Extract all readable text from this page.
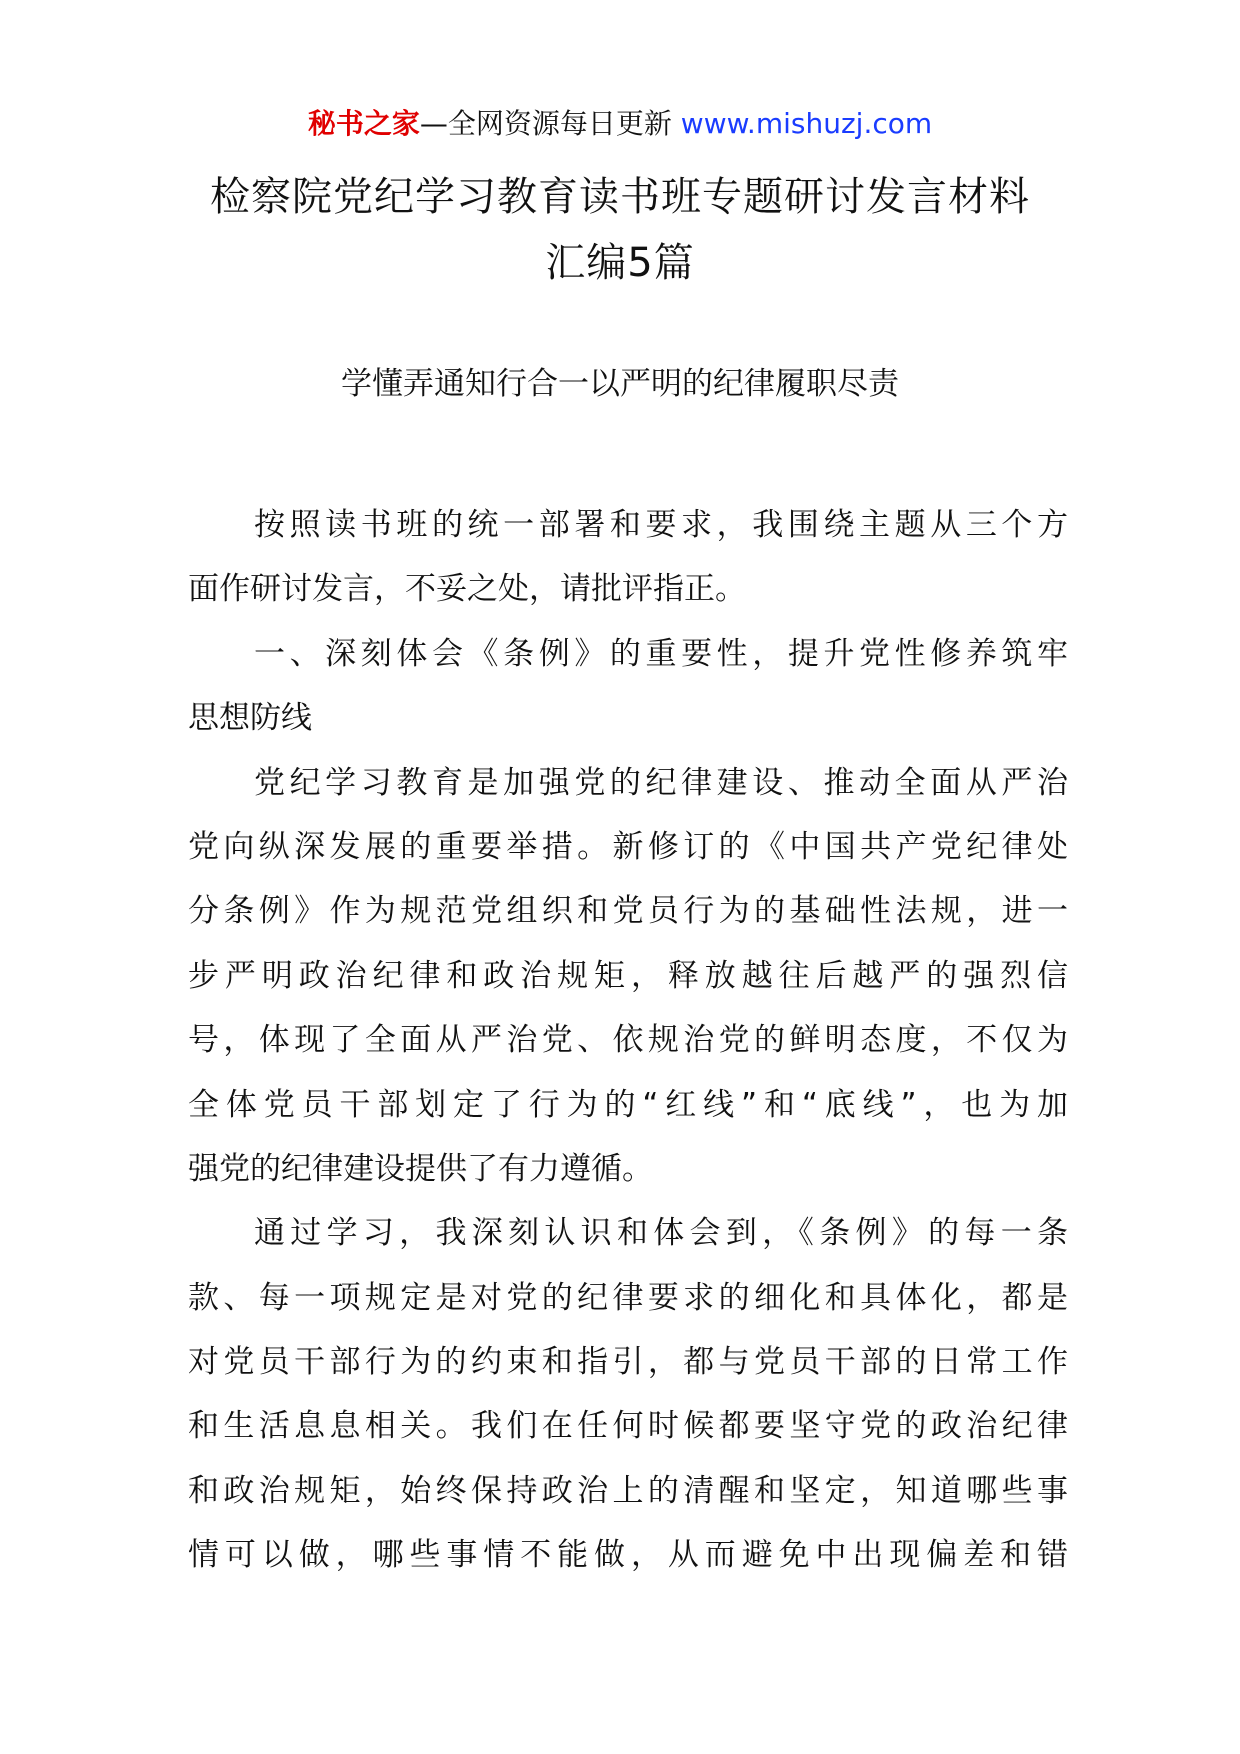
秘书之家—全网资源每日更新 www.mishuzj.com
检察院党纪学习教育读书班专题研讨发言材料
汇编5篇
学懂弄通知行合一以严明的纪律履职尽责
按照读书班的统一部署和要求，我围绕主题从三个方
面作研讨发言，不妥之处，请批评指正。
一、深刻体会《条例》的重要性，提升党性修养筑牢
思想防线
党纪学习教育是加强党的纪律建设、推动全面从严治
党向纵深发展的重要举措。新修订的《中国共产党纪律处
分条例》作为规范党组织和党员行为的基础性法规，进一
步严明政治纪律和政治规矩，释放越往后越严的强烈信
号，体现了全面从严治党、依规治党的鲜明态度，不仅为
全体党员干部划定了行为的“红线”和“底线”，也为加
强党的纪律建设提供了有力遵循。
通过学习，我深刻认识和体会到，《条例》的每一条
款、每一项规定是对党的纪律要求的细化和具体化，都是
对党员干部行为的约束和指引，都与党员干部的日常工作
和生活息息相关。我们在任何时候都要坚守党的政治纪律
和政治规矩，始终保持政治上的清醒和坚定，知道哪些事
情可以做，哪些事情不能做，从而避免中出现偏差和错
